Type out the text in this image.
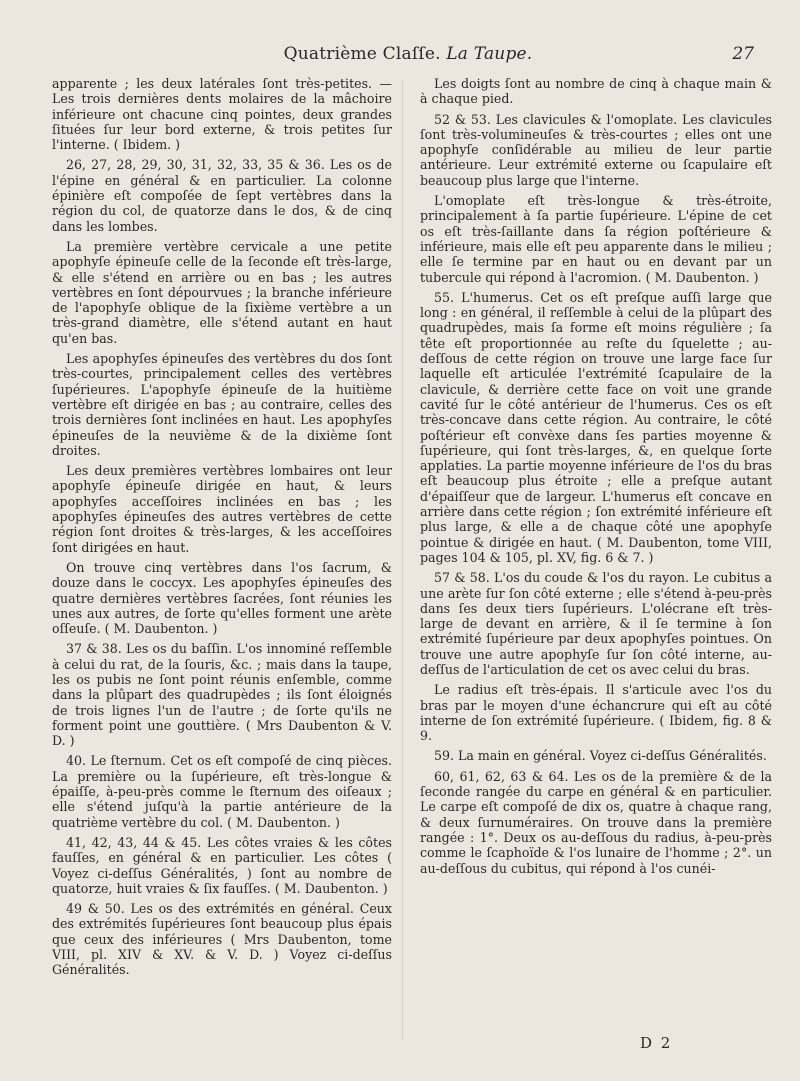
Quatrième Claſſe. La Taupe.	27

apparente ; les deux latérales ſont très-petites. — Les trois dernières dents molaires de la mâchoire inférieure ont chacune cinq pointes, deux grandes ſituées ſur leur bord externe, & trois petites ſur l'interne. ( Ibidem. )

26, 27, 28, 29, 30, 31, 32, 33, 35 & 36. Les os de l'épine en général & en particulier. La colonne épinière eſt compoſée de ſept vertèbres dans la région du col, de quatorze dans le dos, & de cinq dans les lombes.

La première vertèbre cervicale a une petite apophyſe épineuſe celle de la ſeconde eſt très-large, & elle s'étend en arrière ou en bas ; les autres vertèbres en ſont dépourvues ; la branche inférieure de l'apophyſe oblique de la ſixième vertèbre a un très-grand diamètre, elle s'étend autant en haut qu'en bas.

Les apophyſes épineuſes des vertèbres du dos ſont très-courtes, principalement celles des vertèbres ſupérieures. L'apophyſe épineuſe de la huitième vertèbre eſt dirigée en bas ; au contraire, celles des trois dernières ſont inclinées en haut. Les apophyſes épineuſes de la neuvième & de la dixième ſont droites.

Les deux premières vertèbres lombaires ont leur apophyſe épineuſe dirigée en haut, & leurs apophyſes acceſſoires inclinées en bas ; les apophyſes épineuſes des autres vertèbres de cette région ſont droites & très-larges, & les acceſſoires ſont dirigées en haut.

On trouve cinq vertèbres dans l'os ſacrum, & douze dans le coccyx. Les apophyſes épineuſes des quatre dernières vertèbres ſacrées, ſont réunies les unes aux autres, de ſorte qu'elles forment une arète oſſeuſe. ( M. Daubenton. )

37 & 38. Les os du baſſin. L'os innominé reſſemble à celui du rat, de la ſouris, &c. ; mais dans la taupe, les os pubis ne ſont point réunis enſemble, comme dans la plûpart des quadrupèdes ; ils ſont éloignés de trois lignes l'un de l'autre ; de ſorte qu'ils ne forment point une gouttière. ( Mrs Daubenton & V. D. )

40. Le ſternum. Cet os eſt compoſé de cinq pièces. La première ou la ſupérieure, eſt très-longue & épaiſſe, à-peu-près comme le ſternum des oiſeaux ; elle s'étend juſqu'à la partie antérieure de la quatrième vertèbre du col. ( M. Daubenton. )

41, 42, 43, 44 & 45. Les côtes vraies & les côtes fauſſes, en général & en particulier. Les côtes ( Voyez ci-deſſus Généralités, ) ſont au nombre de quatorze, huit vraies & ſix fauſſes. ( M. Daubenton. )

49 & 50. Les os des extrémités en général. Ceux des extrémités ſupérieures ſont beaucoup plus épais que ceux des inférieures ( Mrs Daubenton, tome VIII, pl. XIV & XV. & V. D. ) Voyez ci-deſſus Généralités.

Les doigts ſont au nombre de cinq à chaque main & à chaque pied.

52 & 53. Les clavicules & l'omoplate. Les clavicules ſont très-volumineuſes & très-courtes ; elles ont une apophyſe conſidérable au milieu de leur partie antérieure. Leur extrémité externe ou ſcapulaire eſt beaucoup plus large que l'interne.

L'omoplate eſt très-longue & très-étroite, principalement à ſa partie ſupérieure. L'épine de cet os eſt très-ſaillante dans ſa région poſtérieure & inférieure, mais elle eſt peu apparente dans le milieu ; elle ſe termine par en haut ou en devant par un tubercule qui répond à l'acromion. ( M. Daubenton. )

55. L'humerus. Cet os eſt preſque auſſi large que long : en général, il reſſemble à celui de la plûpart des quadrupèdes, mais ſa forme eſt moins régulière ; ſa tête eſt proportionnée au reſte du ſquelette ; au-deſſous de cette région on trouve une large face ſur laquelle eſt articulée l'extrémité ſcapulaire de la clavicule, & derrière cette face on voit une grande cavité ſur le côté antérieur de l'humerus. Ces os eſt très-concave dans cette région. Au contraire, le côté poſtérieur eſt convèxe dans ſes parties moyenne & ſupérieure, qui ſont très-larges, &, en quelque ſorte applaties. La partie moyenne inférieure de l'os du bras eſt beaucoup plus étroite ; elle a preſque autant d'épaiſſeur que de largeur. L'humerus eſt concave en arrière dans cette région ; ſon extrémité inférieure eſt plus large, & elle a de chaque côté une apophyſe pointue & dirigée en haut. ( M. Daubenton, tome VIII, pages 104 & 105, pl. XV, fig. 6 & 7. )

57 & 58. L'os du coude & l'os du rayon. Le cubitus a une arète ſur ſon côté externe ; elle s'étend à-peu-près dans ſes deux tiers ſupérieurs. L'olécrane eſt très-large de devant en arrière, & il ſe termine à ſon extrémité ſupérieure par deux apophyſes pointues. On trouve une autre apophyſe ſur ſon côté interne, au-deſſus de l'articulation de cet os avec celui du bras.

Le radius eſt très-épais. Il s'articule avec l'os du bras par le moyen d'une échancrure qui eſt au côté interne de ſon extrémité ſupérieure. ( Ibidem, fig. 8 & 9.

59. La main en général. Voyez ci-deſſus Généralités.

60, 61, 62, 63 & 64. Les os de la première & de la ſeconde rangée du carpe en général & en particulier. Le carpe eſt compoſé de dix os, quatre à chaque rang, & deux ſurnuméraires. On trouve dans la première rangée : 1°. Deux os au-deſſous du radius, à-peu-près comme le ſcaphoïde & l'os lunaire de l'homme ; 2°. un au-deſſous du cubitus, qui répond à l'os cunéi-

D 2
